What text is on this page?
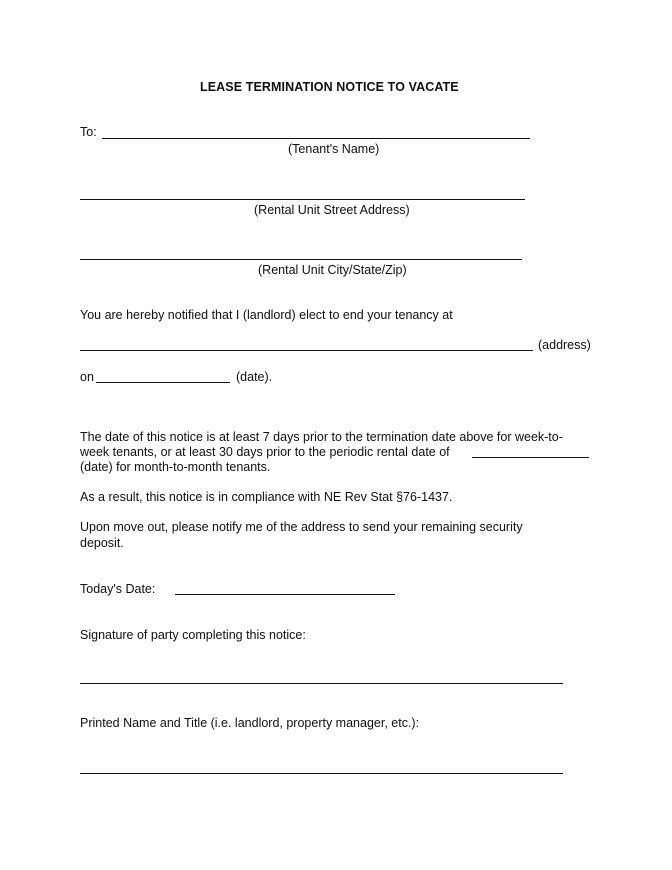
LEASE TERMINATION NOTICE TO VACATE
To:
(Tenant's Name)
(Rental Unit Street Address)
(Rental Unit City/State/Zip)
You are hereby notified that I (landlord) elect to end your tenancy at
(address)
on	(date).
The date of this notice is at least 7 days prior to the termination date above for week-to-
week tenants, or at least 30 days prior to the periodic rental date of
(date) for month-to-month tenants.
As a result, this notice is in compliance with NE Rev Stat §76-1437.
Upon move out, please notify me of the address to send your remaining security
deposit.
Today's Date:
Signature of party completing this notice:
Printed Name and Title (i.e. landlord, property manager, etc.):
